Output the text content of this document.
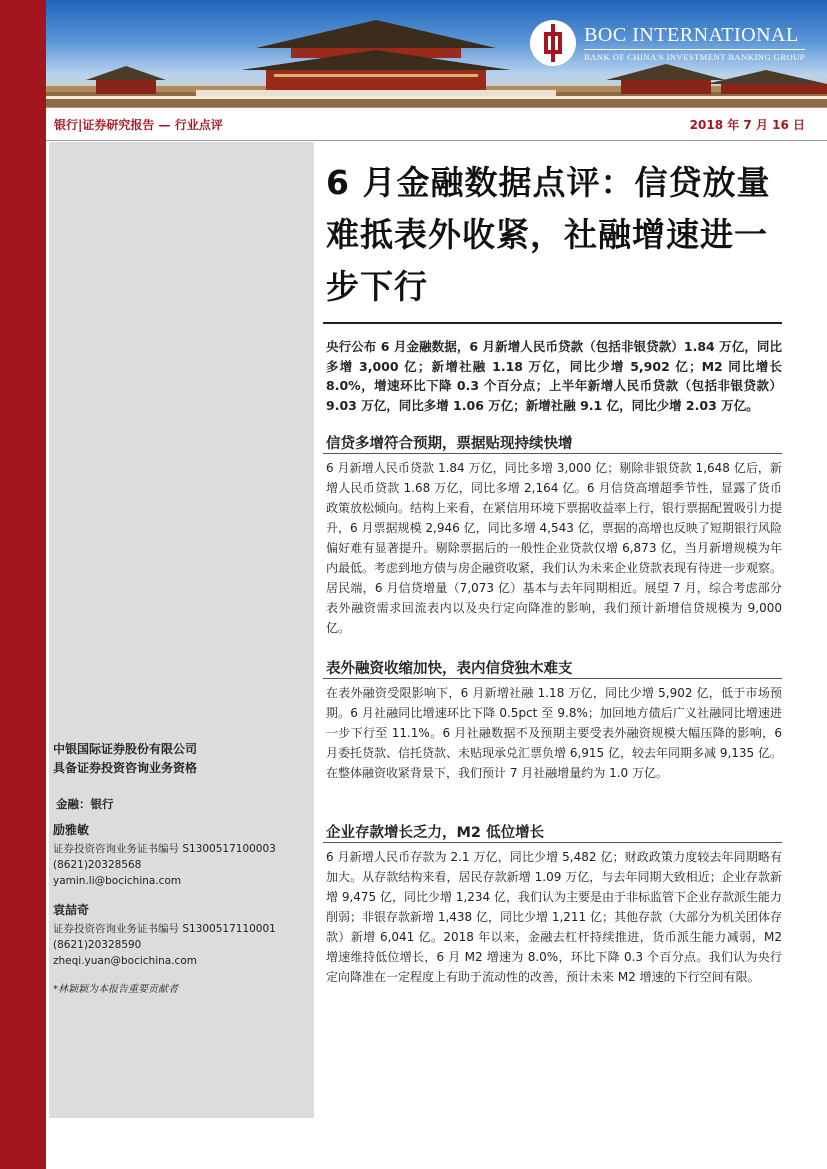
BOC INTERNATIONAL
BANK OF CHINA'S INVESTMENT BANKING GROUP
银行|证券研究报告 — 行业点评	2018 年 7 月 16 日
中银国际证券股份有限公司
具备证券投资咨询业务资格
金融：银行
励雅敏
证券投资咨询业务证书编号 S1300517100003
(8621)20328568
yamin.li@bocichina.com
袁喆奇
证券投资咨询业务证书编号 S1300517110001
(8621)20328590
zheqi.yuan@bocichina.com
*林颖颖为本报告重要贡献者
6 月金融数据点评：信贷放量难抵表外收紧，社融增速进一步下行
央行公布 6 月金融数据，6 月新增人民币贷款（包括非银贷款）1.84 万亿，同比多增 3,000 亿；新增社融 1.18 万亿，同比少增 5,902 亿；M2 同比增长 8.0%，增速环比下降 0.3 个百分点；上半年新增人民币贷款（包括非银贷款）9.03 万亿，同比多增 1.06 万亿；新增社融 9.1 亿，同比少增 2.03 万亿。
信贷多增符合预期，票据贴现持续快增
6 月新增人民币贷款 1.84 万亿，同比多增 3,000 亿；剔除非银贷款 1,648 亿后，新增人民币贷款 1.68 万亿，同比多增 2,164 亿。6 月信贷高增超季节性，显露了货币政策放松倾向。结构上来看，在紧信用环境下票据收益率上行，银行票据配置吸引力提升，6 月票据规模 2,946 亿，同比多增 4,543 亿，票据的高增也反映了短期银行风险偏好难有显著提升。剔除票据后的一般性企业贷款仅增 6,873 亿，当月新增规模为年内最低。考虑到地方债与房企融资收紧，我们认为未来企业贷款表现有待进一步观察。居民端，6 月信贷增量（7,073 亿）基本与去年同期相近。展望 7 月，综合考虑部分表外融资需求回流表内以及央行定向降准的影响，我们预计新增信贷规模为 9,000 亿。
表外融资收缩加快，表内信贷独木难支
在表外融资受限影响下，6 月新增社融 1.18 万亿，同比少增 5,902 亿，低于市场预期。6 月社融同比增速环比下降 0.5pct 至 9.8%；加回地方债后广义社融同比增速进一步下行至 11.1%。6 月社融数据不及预期主要受表外融资规模大幅压降的影响，6 月委托贷款、信托贷款、未贴现承兑汇票负增 6,915 亿，较去年同期多减 9,135 亿。在整体融资收紧背景下，我们预计 7 月社融增量约为 1.0 万亿。
企业存款增长乏力，M2 低位增长
6 月新增人民币存款为 2.1 万亿，同比少增 5,482 亿；财政政策力度较去年同期略有加大。从存款结构来看，居民存款新增 1.09 万亿，与去年同期大致相近；企业存款新增 9,475 亿，同比少增 1,234 亿，我们认为主要是由于非标监管下企业存款派生能力削弱；非银存款新增 1,438 亿，同比少增 1,211 亿；其他存款（大部分为机关团体存款）新增 6,041 亿。2018 年以来，金融去杠杆持续推进，货币派生能力减弱，M2 增速维持低位增长，6 月 M2 增速为 8.0%，环比下降 0.3 个百分点。我们认为央行定向降准在一定程度上有助于流动性的改善，预计未来 M2 增速的下行空间有限。
